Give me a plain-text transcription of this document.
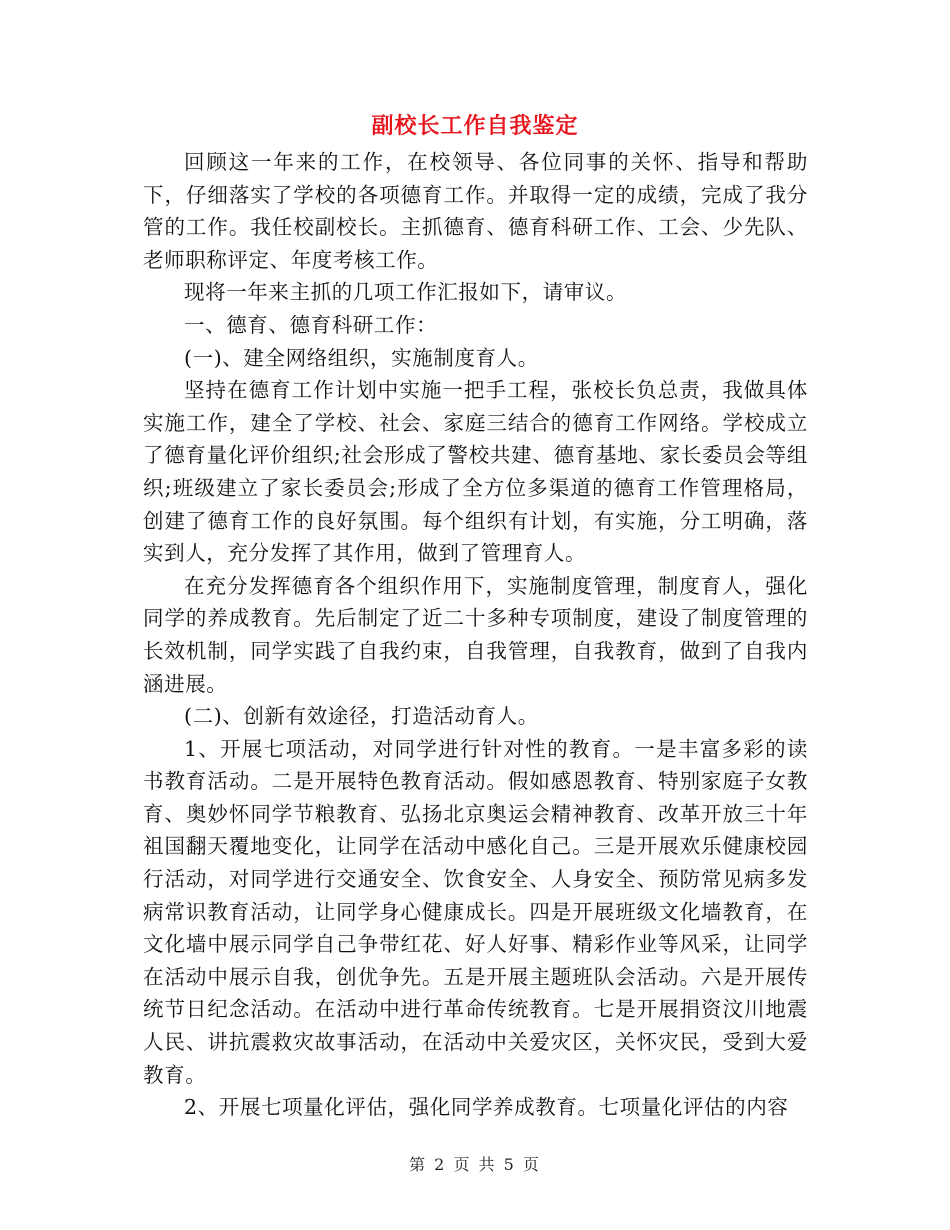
副校长工作自我鉴定

回顾这一年来的工作，在校领导、各位同事的关怀、指导和帮助下，仔细落实了学校的各项德育工作。并取得一定的成绩，完成了我分管的工作。我任校副校长。主抓德育、德育科研工作、工会、少先队、老师职称评定、年度考核工作。

现将一年来主抓的几项工作汇报如下，请审议。

一、德育、德育科研工作：

(一)、建全网络组织，实施制度育人。

坚持在德育工作计划中实施一把手工程，张校长负总责，我做具体实施工作，建全了学校、社会、家庭三结合的德育工作网络。学校成立了德育量化评价组织;社会形成了警校共建、德育基地、家长委员会等组织;班级建立了家长委员会;形成了全方位多渠道的德育工作管理格局，创建了德育工作的良好氛围。每个组织有计划，有实施，分工明确，落实到人，充分发挥了其作用，做到了管理育人。

在充分发挥德育各个组织作用下，实施制度管理，制度育人，强化同学的养成教育。先后制定了近二十多种专项制度，建设了制度管理的长效机制，同学实践了自我约束，自我管理，自我教育，做到了自我内涵进展。

(二)、创新有效途径，打造活动育人。

1、开展七项活动，对同学进行针对性的教育。一是丰富多彩的读书教育活动。二是开展特色教育活动。假如感恩教育、特别家庭子女教育、奥妙怀同学节粮教育、弘扬北京奥运会精神教育、改革开放三十年祖国翻天覆地变化，让同学在活动中感化自己。三是开展欢乐健康校园行活动，对同学进行交通安全、饮食安全、人身安全、预防常见病多发病常识教育活动，让同学身心健康成长。四是开展班级文化墙教育，在文化墙中展示同学自己争带红花、好人好事、精彩作业等风采，让同学在活动中展示自我，创优争先。五是开展主题班队会活动。六是开展传统节日纪念活动。在活动中进行革命传统教育。七是开展捐资汶川地震人民、讲抗震救灾故事活动，在活动中关爱灾区，关怀灾民，受到大爱教育。

2、开展七项量化评估，强化同学养成教育。七项量化评估的内容

第 2 页 共 5 页
